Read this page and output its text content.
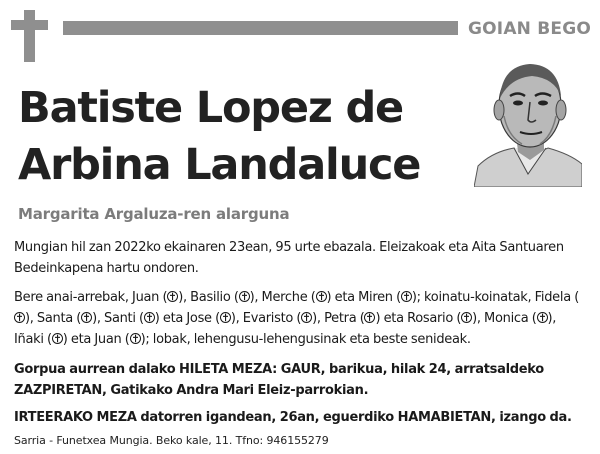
GOIAN BEGO
Batiste Lopez de Arbina Landaluce
Margarita Argaluza-ren alarguna

Mungian hil zan 2022ko ekainaren 23ean, 95 urte ebazala. Eleizakoak eta Aita Santuaren Bedeinkapena hartu ondoren.

Bere anai-arrebak, Juan ( ), Basilio ( ), Merche ( ) eta Miren ( ); koinatu-koinatak, Fidela (
), Santa ( ), Santi ( ) eta Jose ( ), Evaristo ( ), Petra ( ) eta Rosario ( ), Monica ( ), Iñaki ( ) eta Juan ( ); lobak, lehengusu-lehengusinak eta beste senideak.

Gorpua aurrean dalako HILETA MEZA: GAUR, barikua, hilak 24, arratsaldeko ZAZPIRETAN, Gatikako Andra Mari Eleiz-parrokian.

IRTEERAKO MEZA datorren igandean, 26an, eguerdiko HAMABIETAN, izango da.

Sarria - Funetxea Mungia. Beko kale, 11. Tfno: 946155279
